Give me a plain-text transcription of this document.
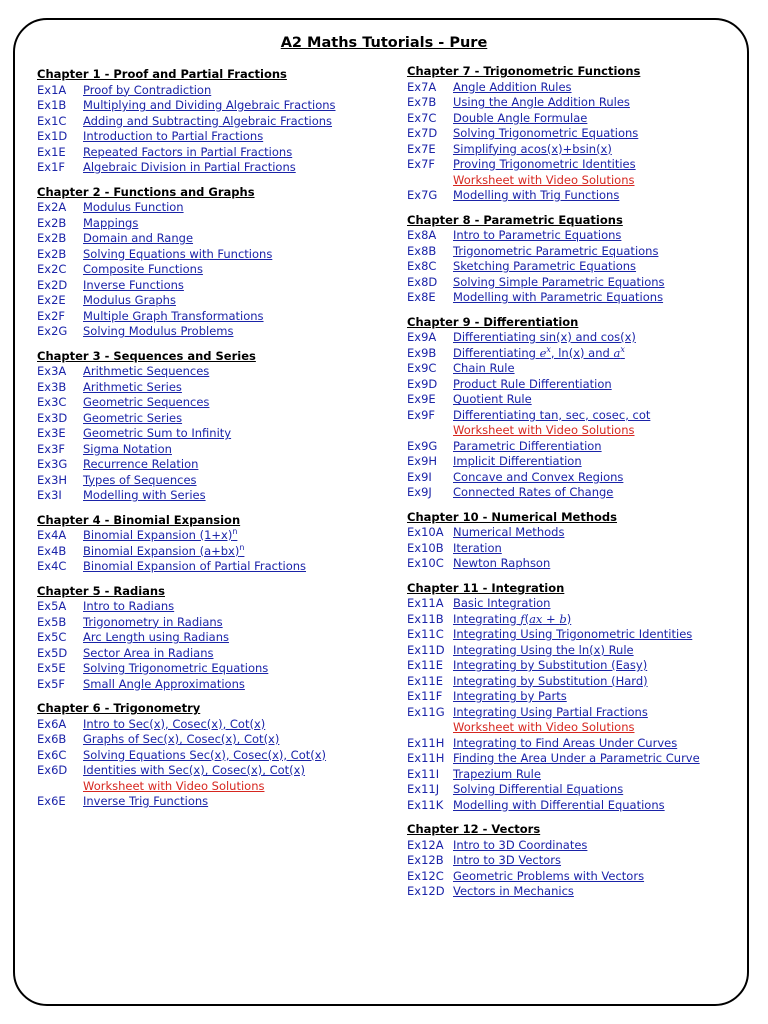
A2 Maths Tutorials - Pure
Chapter 1 - Proof and Partial Fractions
Ex1A Proof by Contradiction
Ex1B Multiplying and Dividing Algebraic Fractions
Ex1C Adding and Subtracting Algebraic Fractions
Ex1D Introduction to Partial Fractions
Ex1E Repeated Factors in Partial Fractions
Ex1F Algebraic Division in Partial Fractions
Chapter 2 - Functions and Graphs
Ex2A Modulus Function
Ex2B Mappings
Ex2B Domain and Range
Ex2B Solving Equations with Functions
Ex2C Composite Functions
Ex2D Inverse Functions
Ex2E Modulus Graphs
Ex2F Multiple Graph Transformations
Ex2G Solving Modulus Problems
Chapter 3 - Sequences and Series
Ex3A Arithmetic Sequences
Ex3B Arithmetic Series
Ex3C Geometric Sequences
Ex3D Geometric Series
Ex3E Geometric Sum to Infinity
Ex3F Sigma Notation
Ex3G Recurrence Relation
Ex3H Types of Sequences
Ex3I Modelling with Series
Chapter 4 - Binomial Expansion
Ex4A Binomial Expansion $(1+x)^n$
Ex4B Binomial Expansion $(a+bx)^n$
Ex4C Binomial Expansion of Partial Fractions
Chapter 5 - Radians
Ex5A Intro to Radians
Ex5B Trigonometry in Radians
Ex5C Arc Length using Radians
Ex5D Sector Area in Radians
Ex5E Solving Trigonometric Equations
Ex5F Small Angle Approximations
Chapter 6 - Trigonometry
Ex6A Intro to Sec(x), Cosec(x), Cot(x)
Ex6B Graphs of Sec(x), Cosec(x), Cot(x)
Ex6C Solving Equations Sec(x), Cosec(x), Cot(x)
Ex6D Identities with Sec(x), Cosec(x), Cot(x)
Worksheet with Video Solutions
Ex6E Inverse Trig Functions
Chapter 7 - Trigonometric Functions
Ex7A Angle Addition Rules
Ex7B Using the Angle Addition Rules
Ex7C Double Angle Formulae
Ex7D Solving Trigonometric Equations
Ex7E Simplifying acos(x)+bsin(x)
Ex7F Proving Trigonometric Identities
Worksheet with Video Solutions
Ex7G Modelling with Trig Functions
Chapter 8 - Parametric Equations
Ex8A Intro to Parametric Equations
Ex8B Trigonometric Parametric Equations
Ex8C Sketching Parametric Equations
Ex8D Solving Simple Parametric Equations
Ex8E Modelling with Parametric Equations
Chapter 9 - Differentiation
Ex9A Differentiating sin(x) and cos(x)
Ex9B Differentiating $e^x$, ln(x) and $a^x$
Ex9C Chain Rule
Ex9D Product Rule Differentiation
Ex9E Quotient Rule
Ex9F Differentiating tan, sec, cosec, cot
Worksheet with Video Solutions
Ex9G Parametric Differentiation
Ex9H Implicit Differentiation
Ex9I Concave and Convex Regions
Ex9J Connected Rates of Change
Chapter 10 - Numerical Methods
Ex10A Numerical Methods
Ex10B Iteration
Ex10C Newton Raphson
Chapter 11 - Integration
Ex11A Basic Integration
Ex11B Integrating f(ax + b)
Ex11C Integrating Using Trigonometric Identities
Ex11D Integrating Using the ln(x) Rule
Ex11E Integrating by Substitution (Easy)
Ex11E Integrating by Substitution (Hard)
Ex11F Integrating by Parts
Ex11G Integrating Using Partial Fractions
Worksheet with Video Solutions
Ex11H Integrating to Find Areas Under Curves
Ex11H Finding the Area Under a Parametric Curve
Ex11I Trapezium Rule
Ex11J Solving Differential Equations
Ex11K Modelling with Differential Equations
Chapter 12 - Vectors
Ex12A Intro to 3D Coordinates
Ex12B Intro to 3D Vectors
Ex12C Geometric Problems with Vectors
Ex12D Vectors in Mechanics
